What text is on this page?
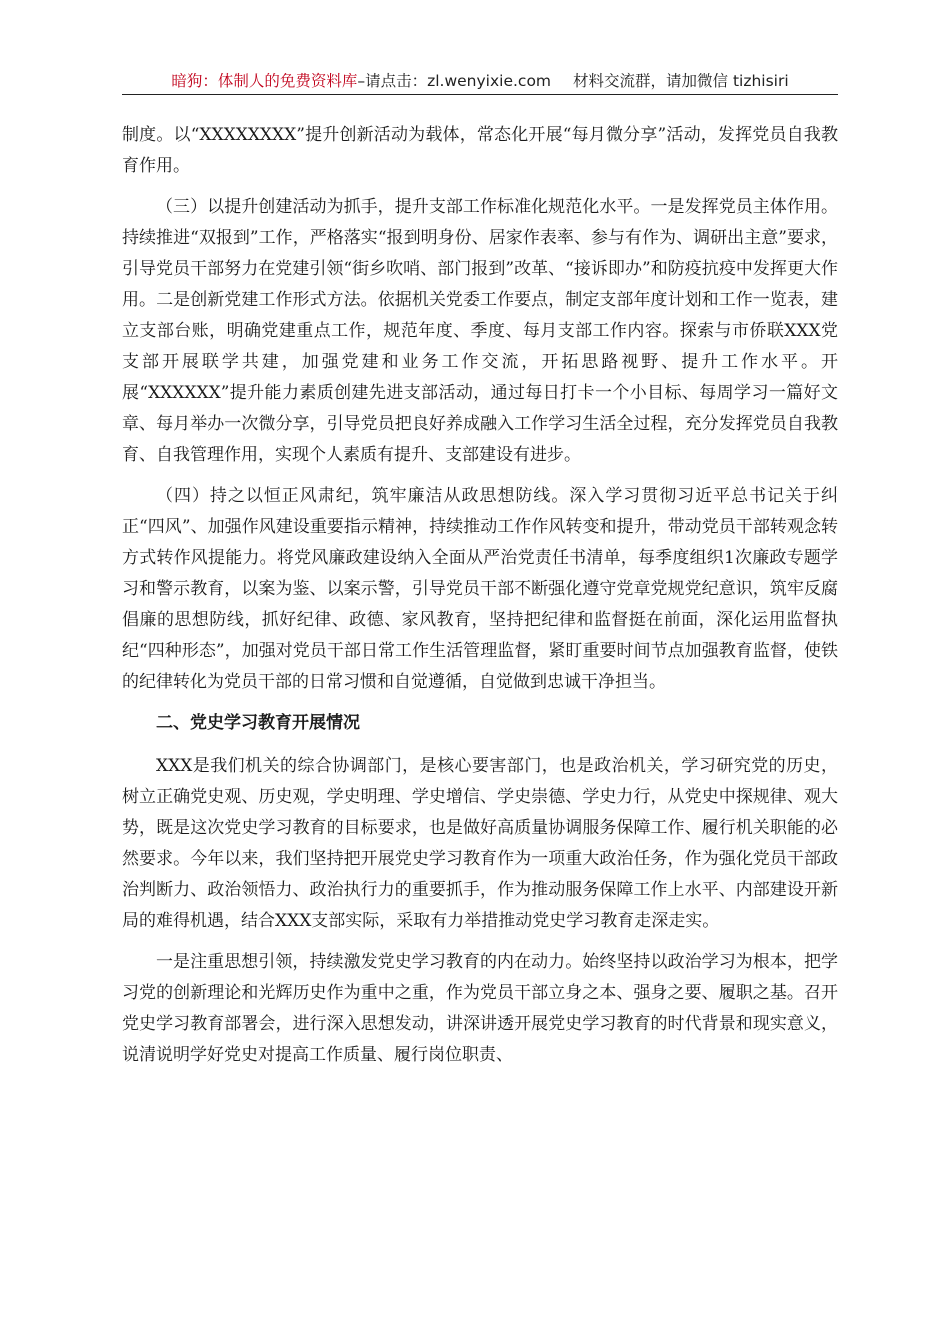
暗狗：体制人的免费资料库–请点击：zl.wenyixie.com 材料交流群，请加微信 tizhisiri

制度。以“XXXXXXXX”提升创新活动为载体，常态化开展“每月微分享”活动，发挥党员自我教育作用。

（三）以提升创建活动为抓手，提升支部工作标准化规范化水平。一是发挥党员主体作用。持续推进“双报到”工作，严格落实“报到明身份、居家作表率、参与有作为、调研出主意”要求，引导党员干部努力在党建引领“街乡吹哨、部门报到”改革、“接诉即办”和防疫抗疫中发挥更大作用。二是创新党建工作形式方法。依据机关党委工作要点，制定支部年度计划和工作一览表，建立支部台账，明确党建重点工作，规范年度、季度、每月支部工作内容。探索与市侨联XXX党支部开展联学共建，加强党建和业务工作交流，开拓思路视野、提升工作水平。开展“XXXXXX”提升能力素质创建先进支部活动，通过每日打卡一个小目标、每周学习一篇好文章、每月举办一次微分享，引导党员把良好养成融入工作学习生活全过程，充分发挥党员自我教育、自我管理作用，实现个人素质有提升、支部建设有进步。

（四）持之以恒正风肃纪，筑牢廉洁从政思想防线。深入学习贯彻习近平总书记关于纠正“四风”、加强作风建设重要指示精神，持续推动工作作风转变和提升，带动党员干部转观念转方式转作风提能力。将党风廉政建设纳入全面从严治党责任书清单，每季度组织1次廉政专题学习和警示教育，以案为鉴、以案示警，引导党员干部不断强化遵守党章党规党纪意识，筑牢反腐倡廉的思想防线，抓好纪律、政德、家风教育，坚持把纪律和监督挺在前面，深化运用监督执纪“四种形态”，加强对党员干部日常工作生活管理监督，紧盯重要时间节点加强教育监督，使铁的纪律转化为党员干部的日常习惯和自觉遵循，自觉做到忠诚干净担当。

二、党史学习教育开展情况

XXX是我们机关的综合协调部门，是核心要害部门，也是政治机关，学习研究党的历史，树立正确党史观、历史观，学史明理、学史增信、学史崇德、学史力行，从党史中探规律、观大势，既是这次党史学习教育的目标要求，也是做好高质量协调服务保障工作、履行机关职能的必然要求。今年以来，我们坚持把开展党史学习教育作为一项重大政治任务，作为强化党员干部政治判断力、政治领悟力、政治执行力的重要抓手，作为推动服务保障工作上水平、内部建设开新局的难得机遇，结合XXX支部实际，采取有力举措推动党史学习教育走深走实。

一是注重思想引领，持续激发党史学习教育的内在动力。始终坚持以政治学习为根本，把学习党的创新理论和光辉历史作为重中之重，作为党员干部立身之本、强身之要、履职之基。召开党史学习教育部署会，进行深入思想发动，讲深讲透开展党史学习教育的时代背景和现实意义，说清说明学好党史对提高工作质量、履行岗位职责、
